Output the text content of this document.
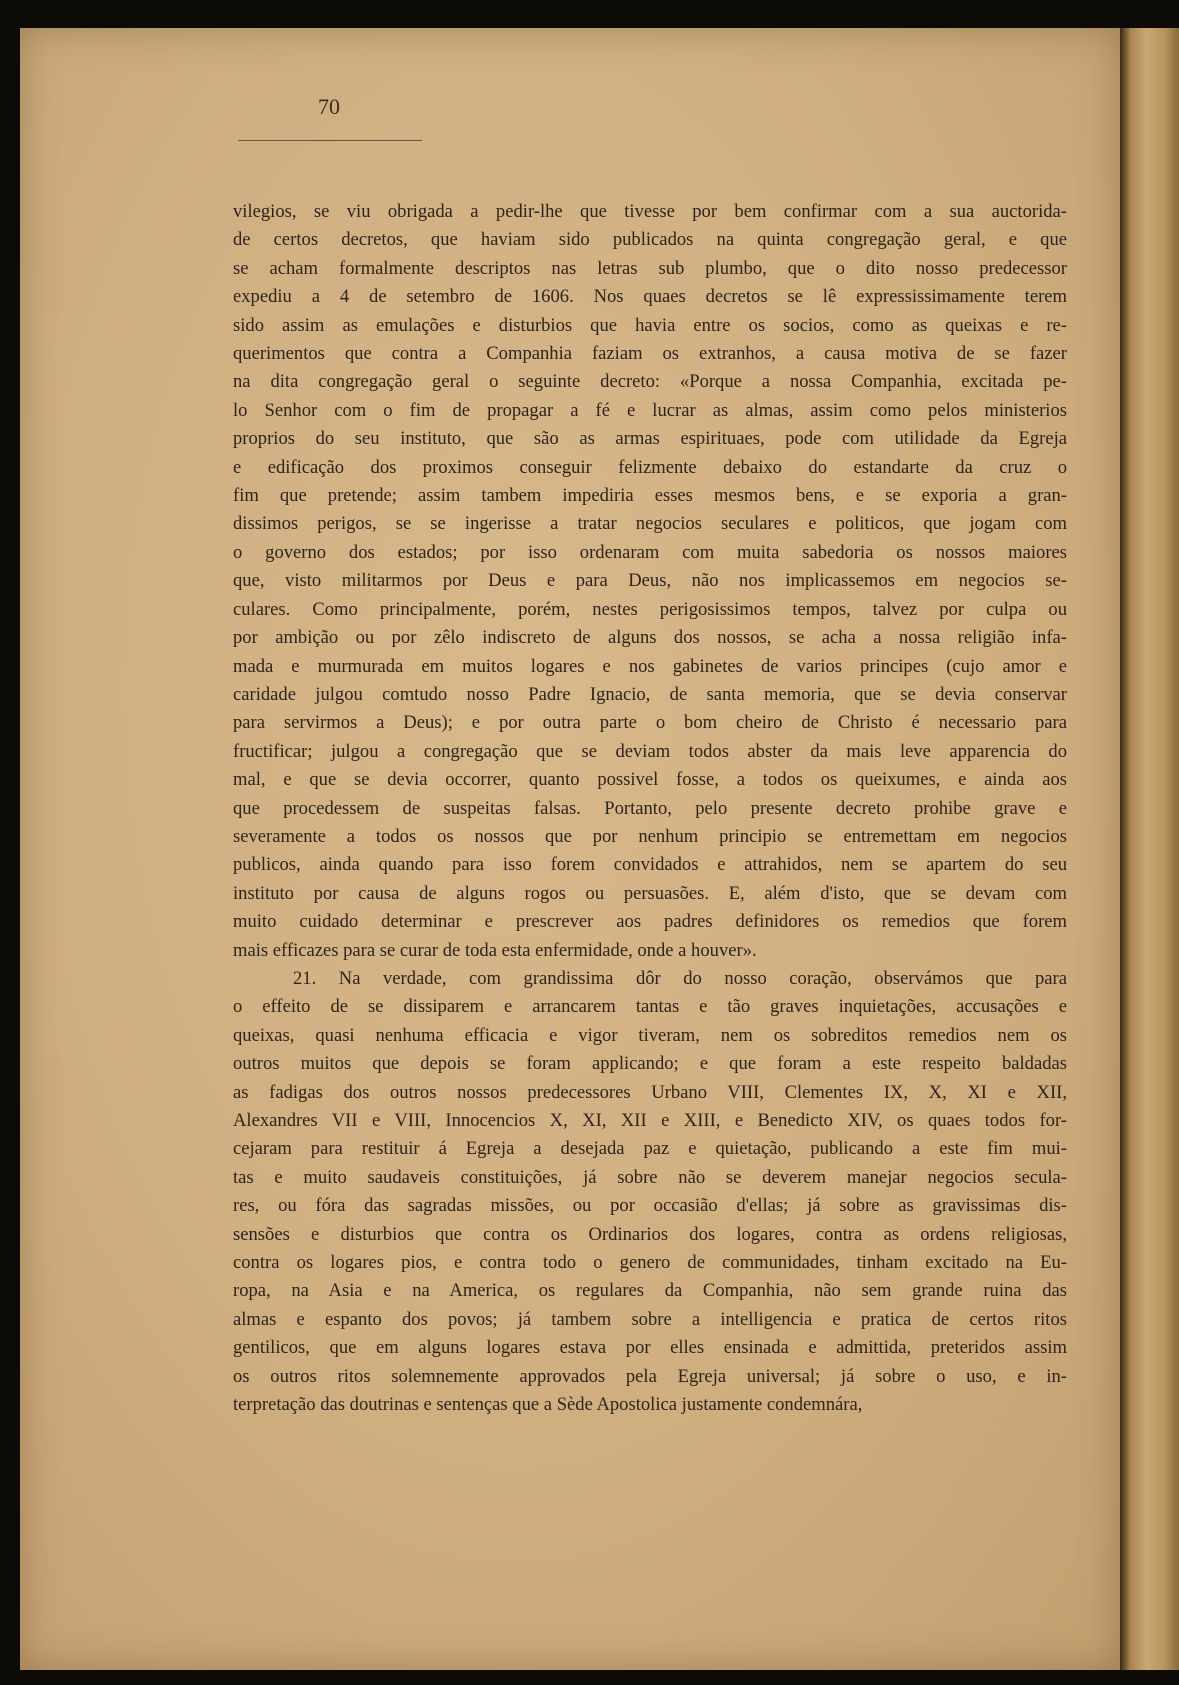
70
vilegios, se viu obrigada a pedir-lhe que tivesse por bem confirmar com a sua auctorida-
de certos decretos, que haviam sido publicados na quinta congregação geral, e que
se acham formalmente descriptos nas letras sub plumbo, que o dito nosso predecessor
expediu a 4 de setembro de 1606. Nos quaes decretos se lê expressissimamente terem
sido assim as emulações e disturbios que havia entre os socios, como as queixas e re-
querimentos que contra a Companhia faziam os extranhos, a causa motiva de se fazer
na dita congregação geral o seguinte decreto: «Porque a nossa Companhia, excitada pe-
lo Senhor com o fim de propagar a fé e lucrar as almas, assim como pelos ministerios
proprios do seu instituto, que são as armas espirituaes, pode com utilidade da Egreja
e edificação dos proximos conseguir felizmente debaixo do estandarte da cruz o
fim que pretende; assim tambem impediria esses mesmos bens, e se exporia a gran-
dissimos perigos, se se ingerisse a tratar negocios seculares e politicos, que jogam com
o governo dos estados; por isso ordenaram com muita sabedoria os nossos maiores
que, visto militarmos por Deus e para Deus, não nos implicassemos em negocios se-
culares. Como principalmente, porém, nestes perigosissimos tempos, talvez por culpa ou
por ambição ou por zêlo indiscreto de alguns dos nossos, se acha a nossa religião infa-
mada e murmurada em muitos logares e nos gabinetes de varios principes (cujo amor e
caridade julgou comtudo nosso Padre Ignacio, de santa memoria, que se devia conservar
para servirmos a Deus); e por outra parte o bom cheiro de Christo é necessario para
fructificar; julgou a congregação que se deviam todos abster da mais leve apparencia do
mal, e que se devia occorrer, quanto possivel fosse, a todos os queixumes, e ainda aos
que procedessem de suspeitas falsas. Portanto, pelo presente decreto prohibe grave e
severamente a todos os nossos que por nenhum principio se entremettam em negocios
publicos, ainda quando para isso forem convidados e attrahidos, nem se apartem do seu
instituto por causa de alguns rogos ou persuasões. E, além d'isto, que se devam com
muito cuidado determinar e prescrever aos padres definidores os remedios que forem
mais efficazes para se curar de toda esta enfermidade, onde a houver».
21. Na verdade, com grandissima dôr do nosso coração, observámos que para
o effeito de se dissiparem e arrancarem tantas e tão graves inquietações, accusações e
queixas, quasi nenhuma efficacia e vigor tiveram, nem os sobreditos remedios nem os
outros muitos que depois se foram applicando; e que foram a este respeito baldadas
as fadigas dos outros nossos predecessores Urbano VIII, Clementes IX, X, XI e XII,
Alexandres VII e VIII, Innocencios X, XI, XII e XIII, e Benedicto XIV, os quaes todos for-
cejaram para restituir á Egreja a desejada paz e quietação, publicando a este fim mui-
tas e muito saudaveis constituições, já sobre não se deverem manejar negocios secula-
res, ou fóra das sagradas missões, ou por occasião d'ellas; já sobre as gravissimas dis-
sensões e disturbios que contra os Ordinarios dos logares, contra as ordens religiosas,
contra os logares pios, e contra todo o genero de communidades, tinham excitado na Eu-
ropa, na Asia e na America, os regulares da Companhia, não sem grande ruina das
almas e espanto dos povos; já tambem sobre a intelligencia e pratica de certos ritos
gentilicos, que em alguns logares estava por elles ensinada e admittida, preteridos assim
os outros ritos solemnemente approvados pela Egreja universal; já sobre o uso, e in-
terpretação das doutrinas e sentenças que a Sède Apostolica justamente condemnára,
